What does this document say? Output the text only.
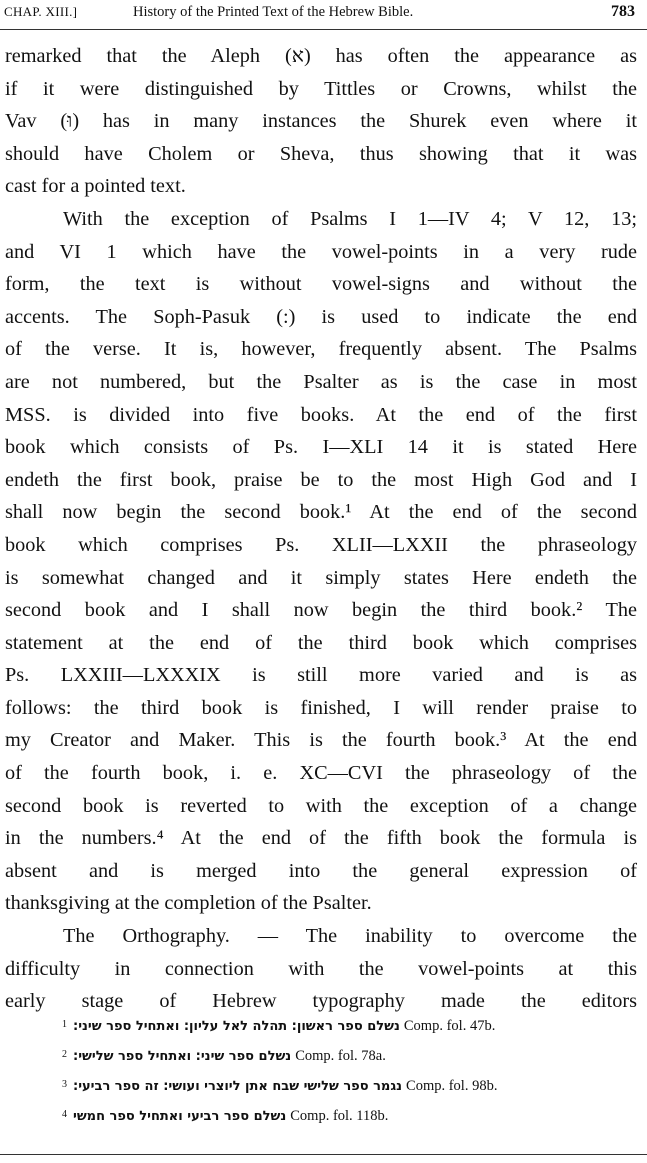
CHAP. XIII.]	History of the Printed Text of the Hebrew Bible.	783
remarked that the Aleph (א) has often the appearance as
if it were distinguished by Tittles or Crowns, whilst the
Vav (וּ) has in many instances the Shurek even where it
should have Cholem or Sheva, thus showing that it was
cast for a pointed text.
With the exception of Psalms I 1—IV 4; V 12, 13;
and VI 1 which have the vowel-points in a very rude
form, the text is without vowel-signs and without the
accents. The Soph-Pasuk (:) is used to indicate the end
of the verse. It is, however, frequently absent. The Psalms
are not numbered, but the Psalter as is the case in most
MSS. is divided into five books. At the end of the first
book which consists of Ps. I—XLI 14 it is stated Here
endeth the first book, praise be to the most High God and I
shall now begin the second book.¹ At the end of the second
book which comprises Ps. XLII—LXXII the phraseology
is somewhat changed and it simply states Here endeth the
second book and I shall now begin the third book.² The
statement at the end of the third book which comprises
Ps. LXXIII—LXXXIX is still more varied and is as
follows: the third book is finished, I will render praise to
my Creator and Maker. This is the fourth book.³ At the end
of the fourth book, i. e. XC—CVI the phraseology of the
second book is reverted to with the exception of a change
in the numbers.⁴ At the end of the fifth book the formula is
absent and is merged into the general expression of
thanksgiving at the completion of the Psalter.
The Orthography. — The inability to overcome the
difficulty in connection with the vowel-points at this
early stage of Hebrew typography made the editors
$^1$ נשלם ספר ראשון: תהלה לאל עליון: ואתחיל ספר שיני: Comp. fol. 47b.
$^2$ נשלם ספר שיני: ואתחיל ספר שלישי: Comp. fol. 78a.
$^3$ נגמר ספר שלישי שבח אתן ליוצרי ועושי: זה ספר רביעי: Comp. fol. 98b.
$^4$ נשלם ספר רביעי ואתחיל ספר חמשי Comp. fol. 118b.
